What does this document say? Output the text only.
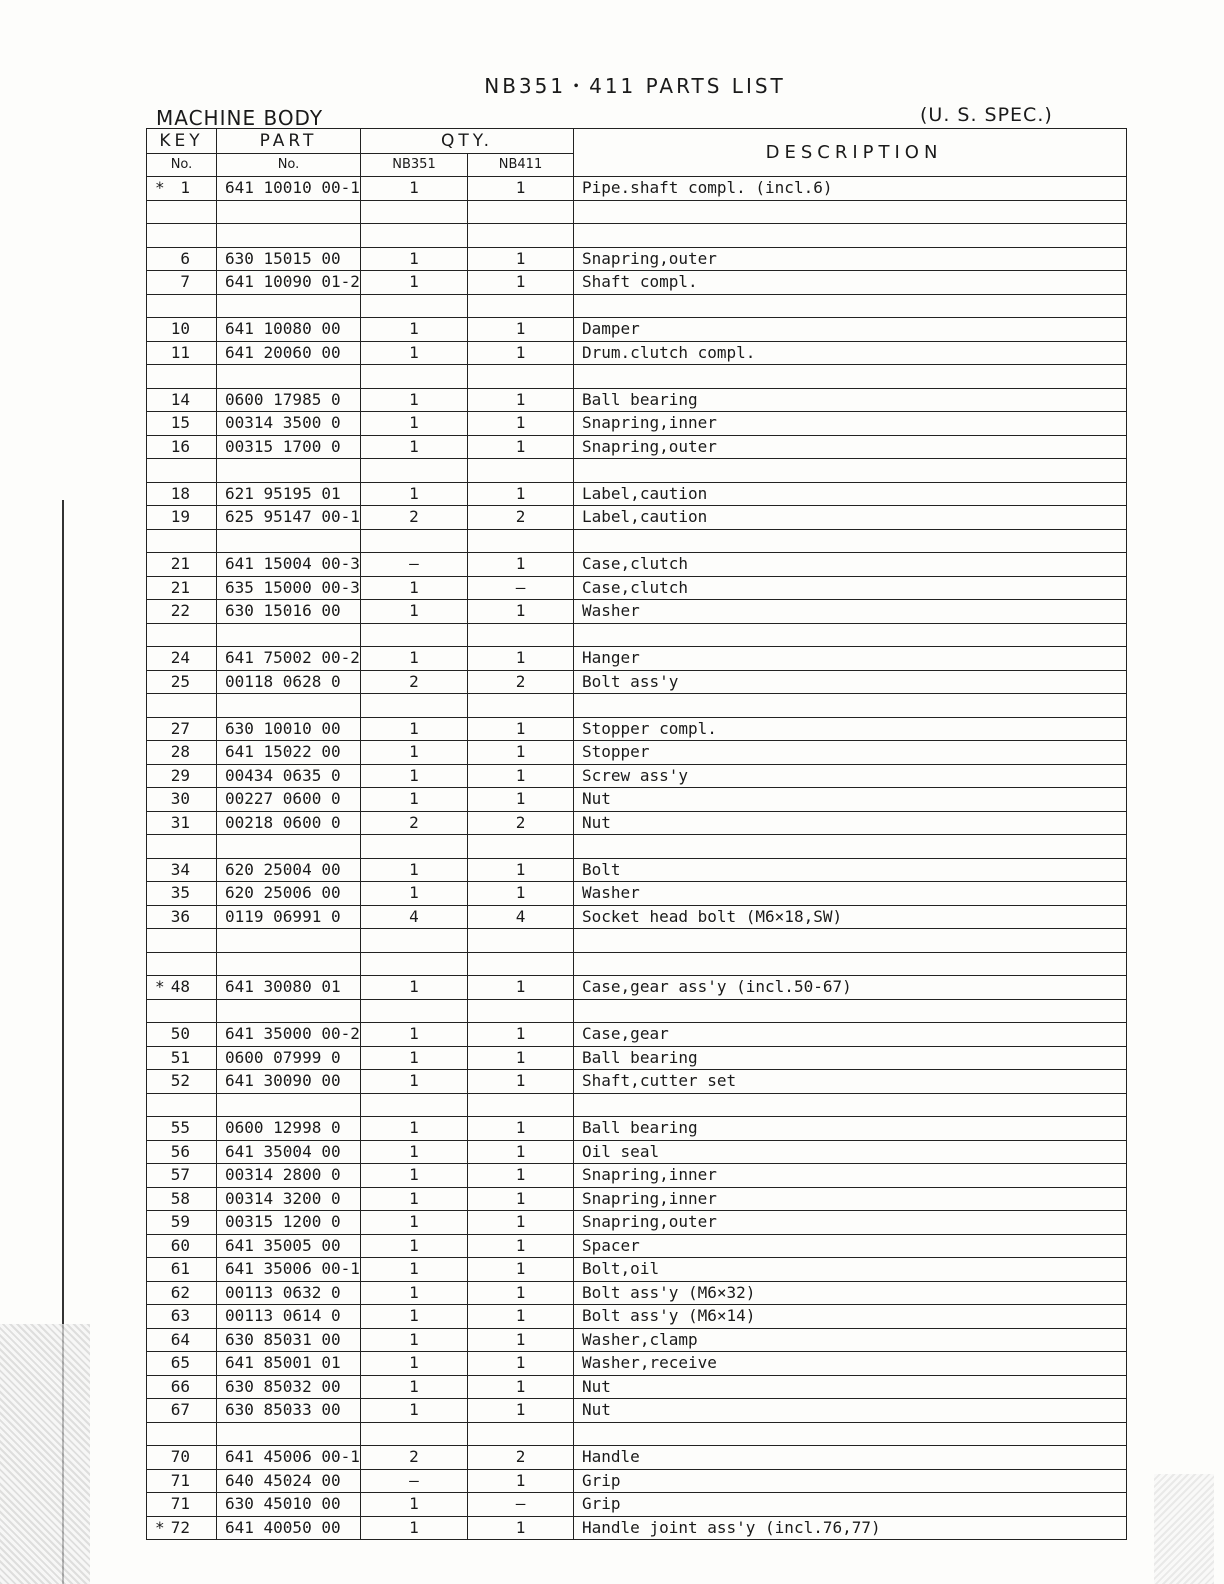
NB351・411 PARTS LIST
MACHINE BODY	(U. S. SPEC.)
KEY	PART	QTY.		DESCRIPTION
No.	No.	NB351	NB411	

* 1	641 10010 00-1	1	1	Pipe.shaft compl. (incl.6)

6	630 15015 00	1	1	Snapring,outer

7	641 10090 01-2	1	1	Shaft compl.

10	641 10080 00	1	1	Damper

11	641 20060 00	1	1	Drum.clutch compl.

14	0600 17985 0	1	1	Ball bearing

15	00314 3500 0	1	1	Snapring,inner

16	00315 1700 0	1	1	Snapring,outer

18	621 95195 01	1	1	Label,caution

19	625 95147 00-1	2	2	Label,caution

21	641 15004 00-3	—	1	Case,clutch

21	635 15000 00-3	1	—	Case,clutch

22	630 15016 00	1	1	Washer

24	641 75002 00-2	1	1	Hanger

25	00118 0628 0	2	2	Bolt ass'y

27	630 10010 00	1	1	Stopper compl.

28	641 15022 00	1	1	Stopper

29	00434 0635 0	1	1	Screw ass'y

30	00227 0600 0	1	1	Nut

31	00218 0600 0	2	2	Nut

34	620 25004 00	1	1	Bolt

35	620 25006 00	1	1	Washer

36	0119 06991 0	4	4	Socket head bolt (M6×18,SW)

* 48	641 30080 01	1	1	Case,gear ass'y (incl.50-67)

50	641 35000 00-2	1	1	Case,gear

51	0600 07999 0	1	1	Ball bearing

52	641 30090 00	1	1	Shaft,cutter set

55	0600 12998 0	1	1	Ball bearing

56	641 35004 00	1	1	Oil seal

57	00314 2800 0	1	1	Snapring,inner

58	00314 3200 0	1	1	Snapring,inner

59	00315 1200 0	1	1	Snapring,outer

60	641 35005 00	1	1	Spacer

61	641 35006 00-1	1	1	Bolt,oil

62	00113 0632 0	1	1	Bolt ass'y (M6×32)

63	00113 0614 0	1	1	Bolt ass'y (M6×14)

64	630 85031 00	1	1	Washer,clamp

65	641 85001 01	1	1	Washer,receive

66	630 85032 00	1	1	Nut

67	630 85033 00	1	1	Nut

70	641 45006 00-1	2	2	Handle

71	640 45024 00	—	1	Grip

71	630 45010 00	1	—	Grip

* 72	641 40050 00	1	1	Handle joint ass'y (incl.76,77)
